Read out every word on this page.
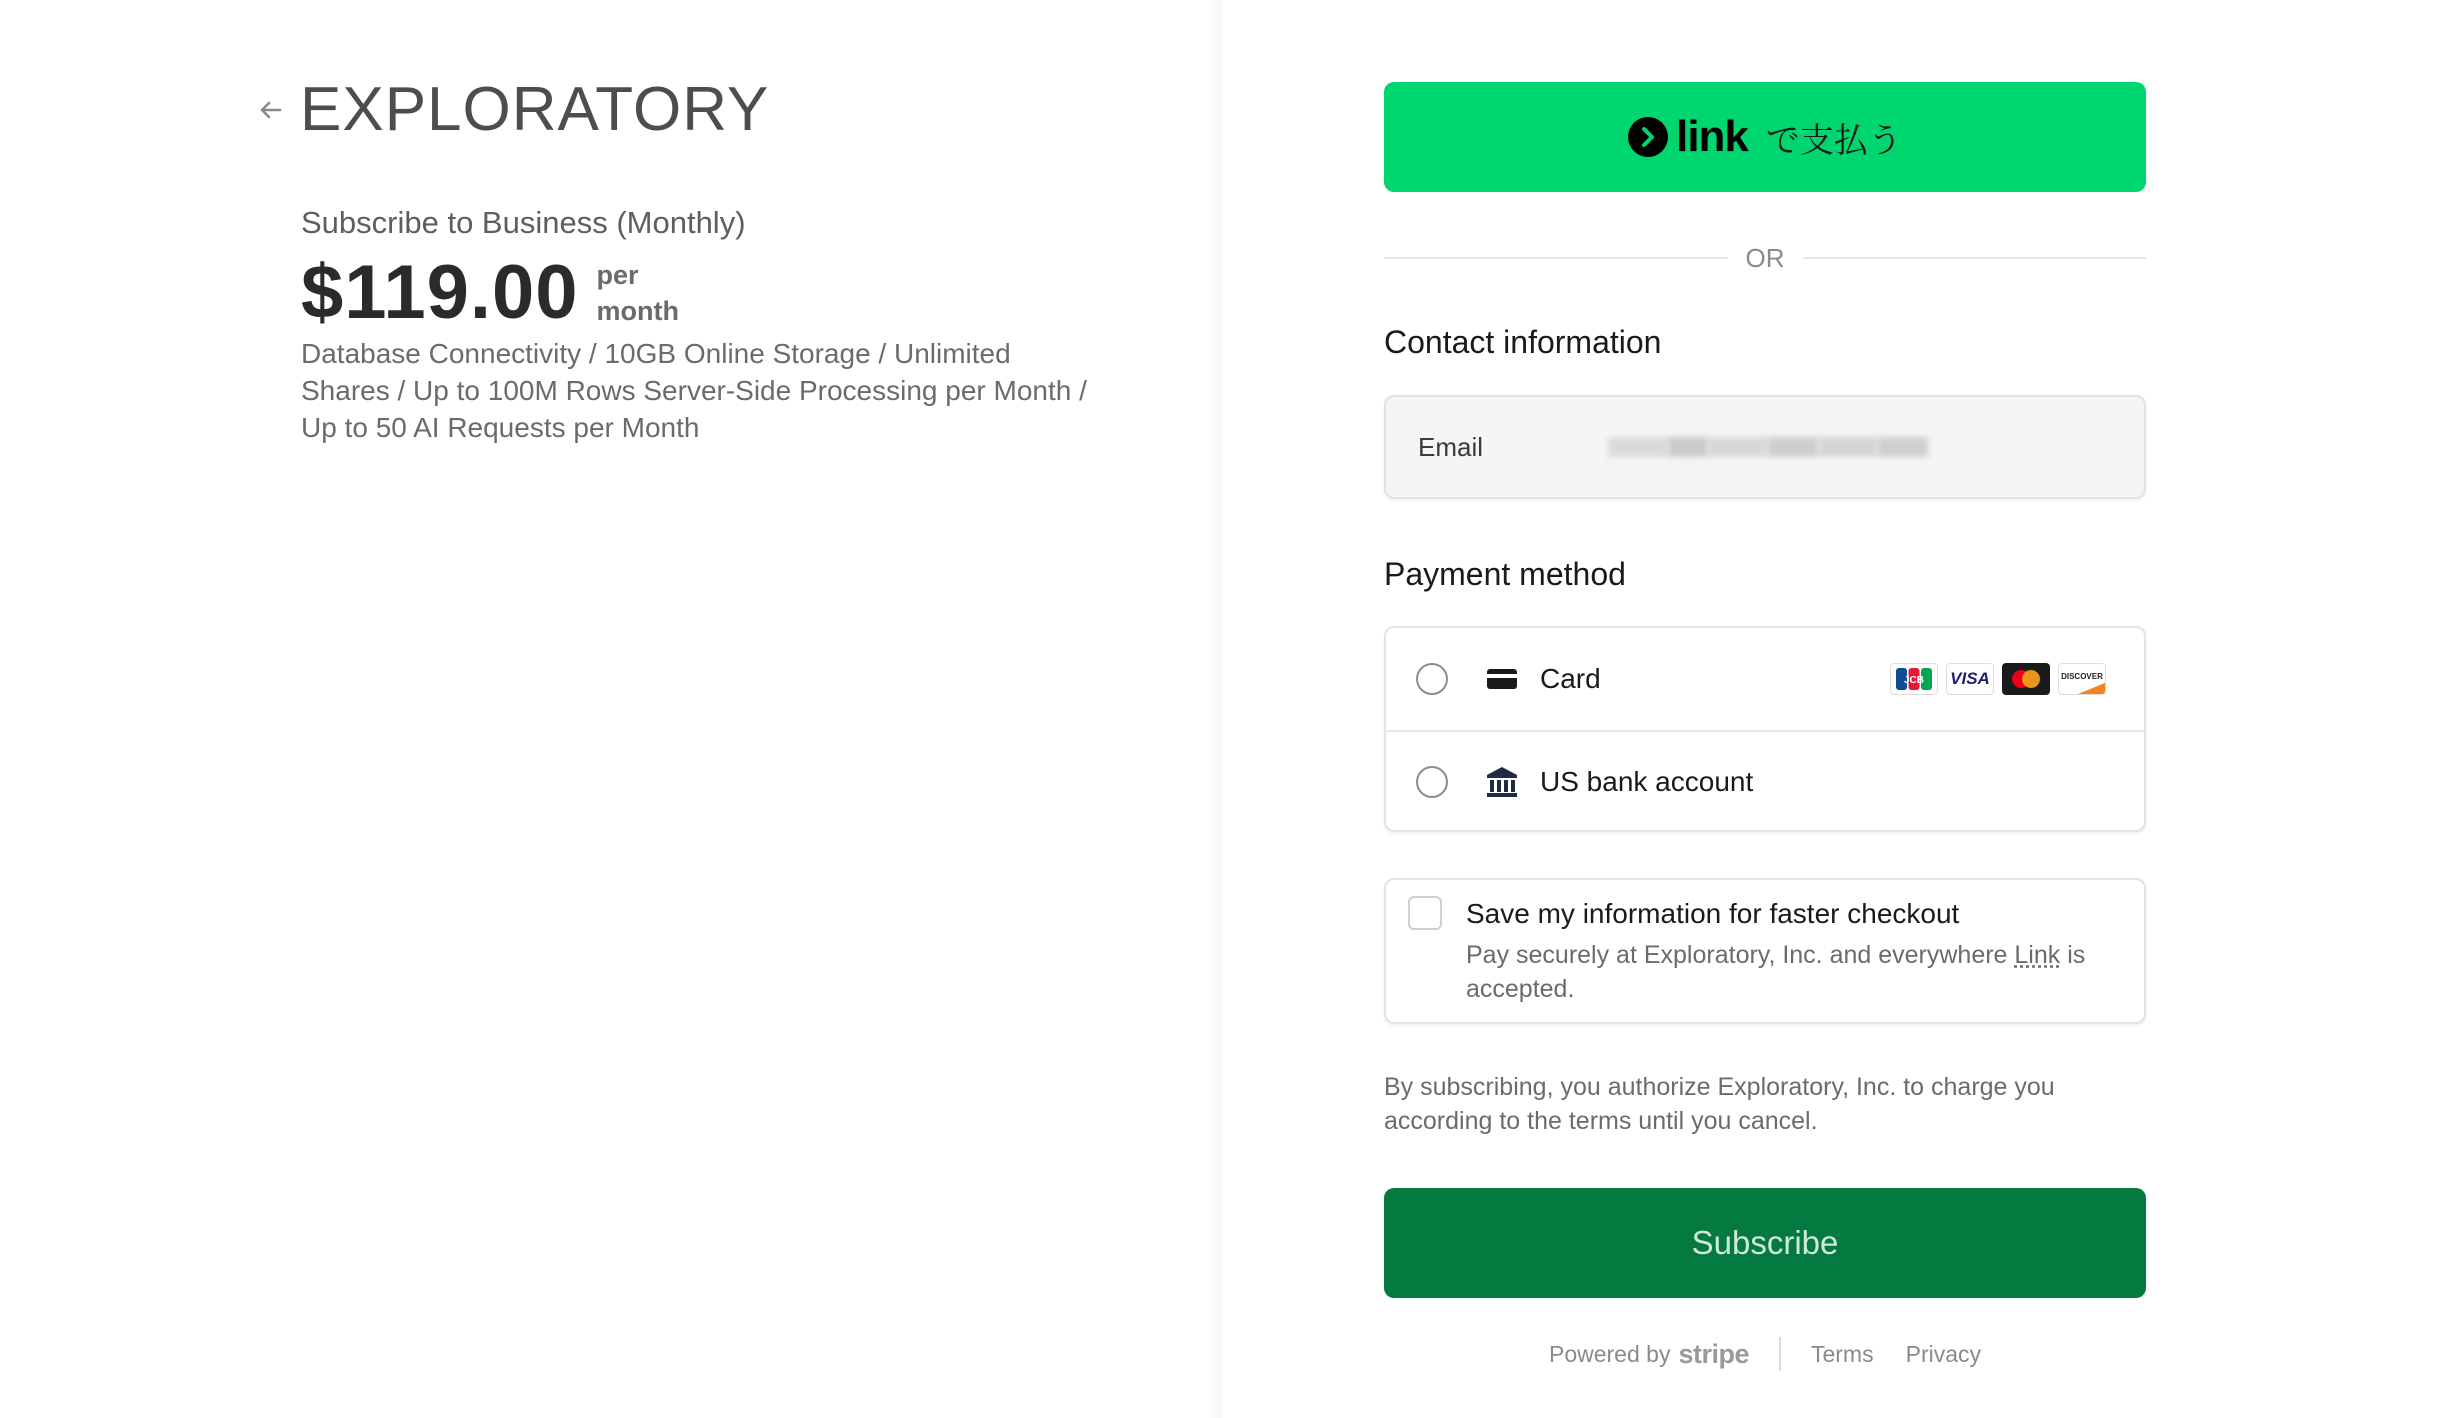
EXPLORATORY
Subscribe to Business (Monthly)
$119.00 per
month
Database Connectivity / 10GB Online Storage / Unlimited Shares / Up to 100M Rows Server-Side Processing per Month / Up to 50 AI Requests per Month
link で支払う
OR
Contact information
Email
Payment method
Card	JCB VISA	DISCOVER
US bank account
Save my information for faster checkout
Pay securely at Exploratory, Inc. and everywhere Link is accepted.
By subscribing, you authorize Exploratory, Inc. to charge you according to the terms until you cancel.
Subscribe
Powered by stripe	Terms Privacy
